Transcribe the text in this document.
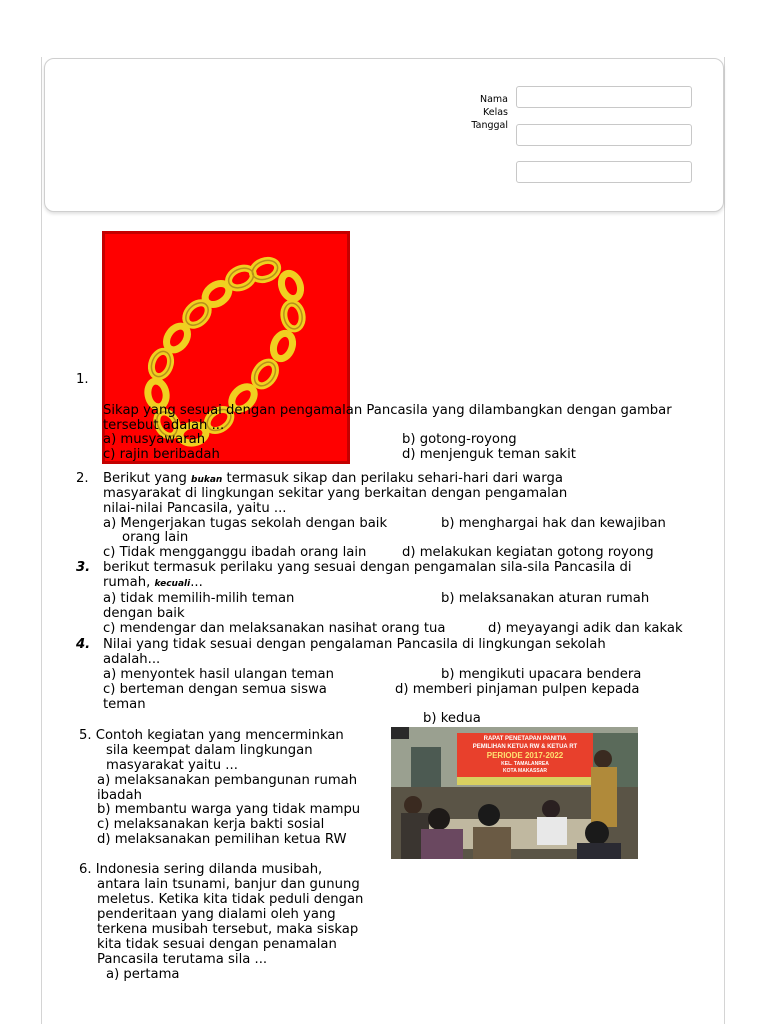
Nama
Kelas
Tanggal
1.
Sikap yang sesuai dengan pengamalan Pancasila yang dilambangkan dengan gambar
tersebut adalah ...
a) musyawarah	b) gotong-royong
c) rajin beribadah	d) menjenguk teman sakit
2. Berikut yang bukan termasuk sikap dan perilaku sehari-hari dari warga
masyarakat di lingkungan sekitar yang berkaitan dengan pengamalan
nilai-nilai Pancasila, yaitu ...
a) Mengerjakan tugas sekolah dengan baik	b) menghargai hak dan kewajiban
orang lain
c) Tidak mengganggu ibadah orang lain	d) melakukan kegiatan gotong royong
3. berikut termasuk perilaku yang sesuai dengan pengamalan sila-sila Pancasila di
rumah, kecuali...
a) tidak memilih-milih teman	b) melaksanakan aturan rumah
dengan baik
c) mendengar dan melaksanakan nasihat orang tua	d) meyayangi adik dan kakak
4. Nilai yang tidak sesuai dengan pengalaman Pancasila di lingkungan sekolah
adalah...
a) menyontek hasil ulangan teman	b) mengikuti upacara bendera
c) berteman dengan semua siswa	d) memberi pinjaman pulpen kepada
teman
b) kedua
5. Contoh kegiatan yang mencerminkan
sila keempat dalam lingkungan
masyarakat yaitu ...
a) melaksanakan pembangunan rumah
ibadah
b) membantu warga yang tidak mampu
c) melaksanakan kerja bakti sosial
d) melaksanakan pemilihan ketua RW
RAPAT PENETAPAN PANITIA
PEMILIHAN KETUA RW & KETUA RT
PERIODE 2017-2022
KEL. TAMALANREA
KOTA MAKASSAR
6. Indonesia sering dilanda musibah,
antara lain tsunami, banjur dan gunung
meletus. Ketika kita tidak peduli dengan
penderitaan yang dialami oleh yang
terkena musibah tersebut, maka siskap
kita tidak sesuai dengan penamalan
Pancasila terutama sila ...
a) pertama
